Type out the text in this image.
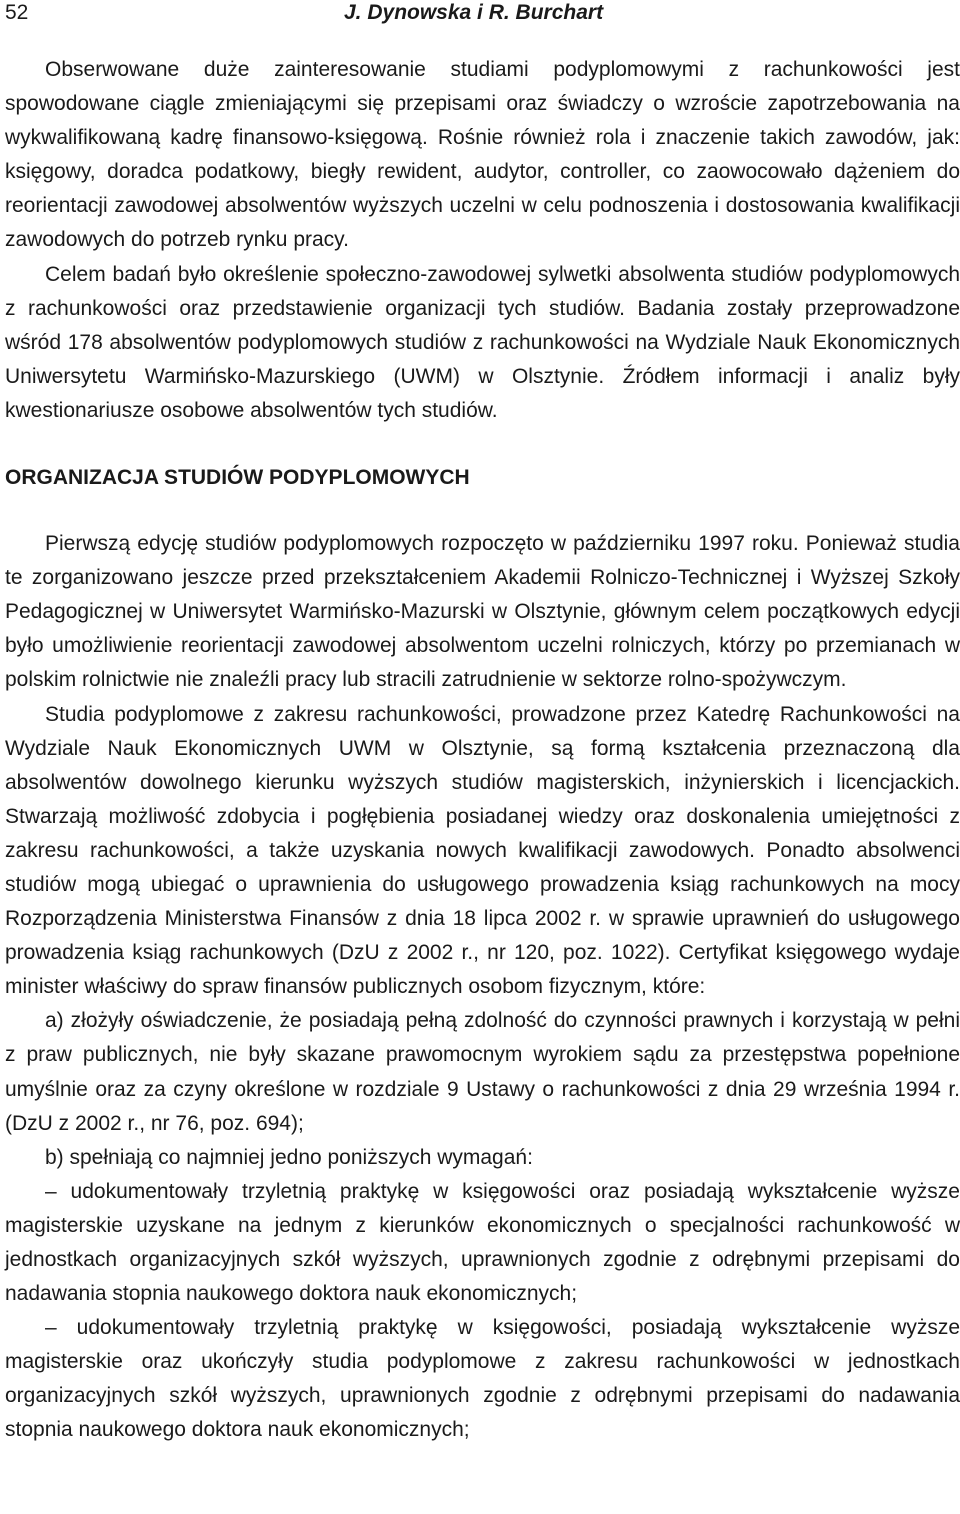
52	J. Dynowska i R. Burchart

Obserwowane duże zainteresowanie studiami podyplomowymi z rachunkowości jest spowodowane ciągle zmieniającymi się przepisami oraz świadczy o wzroście zapotrzebowania na wykwalifikowaną kadrę finansowo-księgową. Rośnie również rola i znaczenie takich zawodów, jak: księgowy, doradca podatkowy, biegły rewident, audytor, controller, co zaowocowało dążeniem do reorientacji zawodowej absolwentów wyższych uczelni w celu podnoszenia i dostosowania kwalifikacji zawodowych do potrzeb rynku pracy.

Celem badań było określenie społeczno-zawodowej sylwetki absolwenta studiów podyplomowych z rachunkowości oraz przedstawienie organizacji tych studiów. Badania zostały przeprowadzone wśród 178 absolwentów podyplomowych studiów z rachunkowości na Wydziale Nauk Ekonomicznych Uniwersytetu Warmińsko-Mazurskiego (UWM) w Olsztynie. Źródłem informacji i analiz były kwestionariusze osobowe absolwentów tych studiów.

ORGANIZACJA STUDIÓW PODYPLOMOWYCH

Pierwszą edycję studiów podyplomowych rozpoczęto w październiku 1997 roku. Ponieważ studia te zorganizowano jeszcze przed przekształceniem Akademii Rolniczo-Technicznej i Wyższej Szkoły Pedagogicznej w Uniwersytet Warmińsko-Mazurski w Olsztynie, głównym celem początkowych edycji było umożliwienie reorientacji zawodowej absolwentom uczelni rolniczych, którzy po przemianach w polskim rolnictwie nie znaleźli pracy lub stracili zatrudnienie w sektorze rolno-spożywczym.

Studia podyplomowe z zakresu rachunkowości, prowadzone przez Katedrę Rachunkowości na Wydziale Nauk Ekonomicznych UWM w Olsztynie, są formą kształcenia przeznaczoną dla absolwentów dowolnego kierunku wyższych studiów magisterskich, inżynierskich i licencjackich. Stwarzają możliwość zdobycia i pogłębienia posiadanej wiedzy oraz doskonalenia umiejętności z zakresu rachunkowości, a także uzyskania nowych kwalifikacji zawodowych. Ponadto absolwenci studiów mogą ubiegać o uprawnienia do usługowego prowadzenia ksiąg rachunkowych na mocy Rozporządzenia Ministerstwa Finansów z dnia 18 lipca 2002 r. w sprawie uprawnień do usługowego prowadzenia ksiąg rachunkowych (DzU z 2002 r., nr 120, poz. 1022). Certyfikat księgowego wydaje minister właściwy do spraw finansów publicznych osobom fizycznym, które:

a) złożyły oświadczenie, że posiadają pełną zdolność do czynności prawnych i korzystają w pełni z praw publicznych, nie były skazane prawomocnym wyrokiem sądu za przestępstwa popełnione umyślnie oraz za czyny określone w rozdziale 9 Ustawy o rachunkowości z dnia 29 września 1994 r. (DzU z 2002 r., nr 76, poz. 694);

b) spełniają co najmniej jedno poniższych wymagań:

– udokumentowały trzyletnią praktykę w księgowości oraz posiadają wykształcenie wyższe magisterskie uzyskane na jednym z kierunków ekonomicznych o specjalności rachunkowość w jednostkach organizacyjnych szkół wyższych, uprawnionych zgodnie z odrębnymi przepisami do nadawania stopnia naukowego doktora nauk ekonomicznych;

– udokumentowały trzyletnią praktykę w księgowości, posiadają wykształcenie wyższe magisterskie oraz ukończyły studia podyplomowe z zakresu rachunkowości w jednostkach organizacyjnych szkół wyższych, uprawnionych zgodnie z odrębnymi przepisami do nadawania stopnia naukowego doktora nauk ekonomicznych;
